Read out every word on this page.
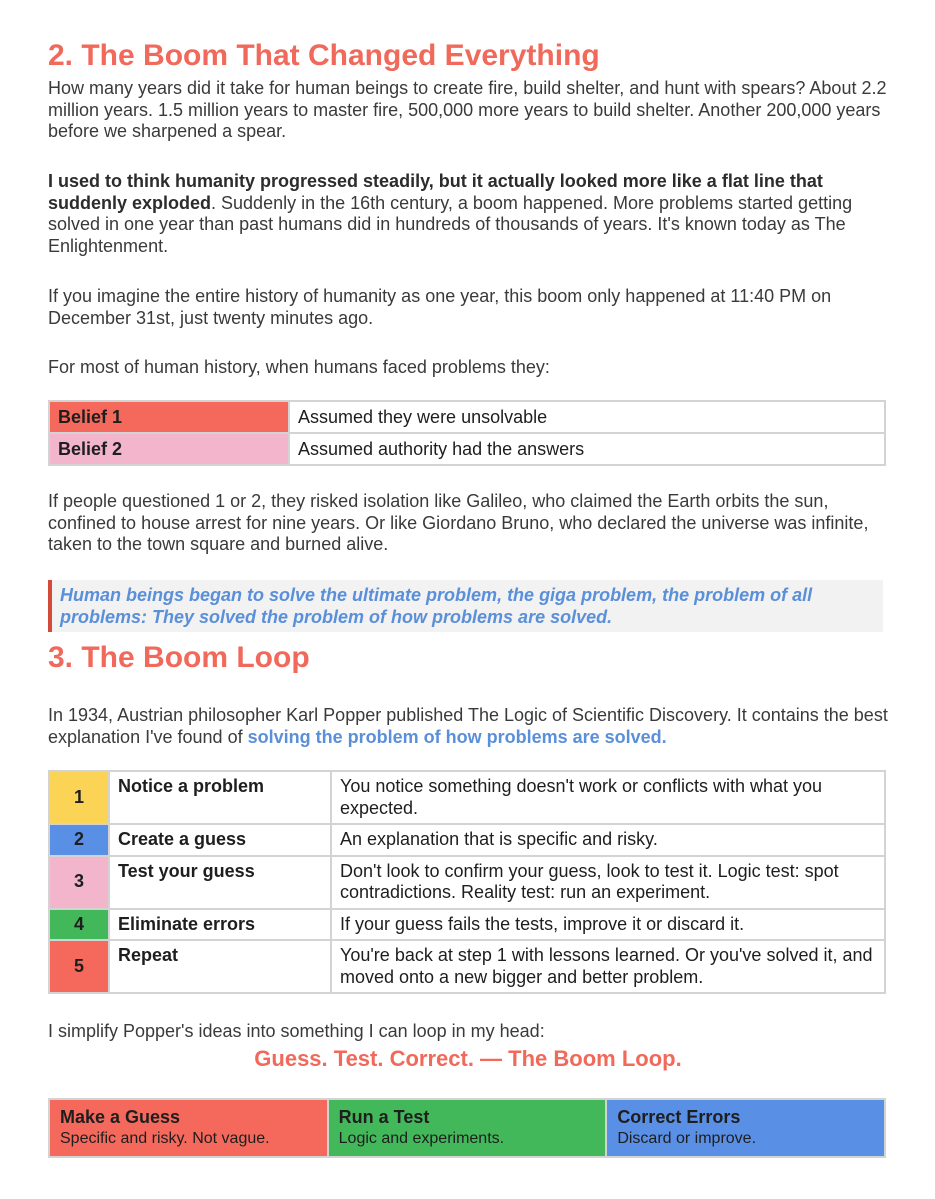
2. The Boom That Changed Everything

How many years did it take for human beings to create fire, build shelter, and hunt with spears? About 2.2 million years. 1.5 million years to master fire, 500,000 more years to build shelter. Another 200,000 years before we sharpened a spear.

I used to think humanity progressed steadily, but it actually looked more like a flat line that suddenly exploded. Suddenly in the 16th century, a boom happened. More problems started getting solved in one year than past humans did in hundreds of thousands of years. It's known today as The Enlightenment.

If you imagine the entire history of humanity as one year, this boom only happened at 11:40 PM on December 31st, just twenty minutes ago.

For most of human history, when humans faced problems they:

Belief 1	Assumed they were unsolvable
Belief 2	Assumed authority had the answers

If people questioned 1 or 2, they risked isolation like Galileo, who claimed the Earth orbits the sun, confined to house arrest for nine years. Or like Giordano Bruno, who declared the universe was infinite, taken to the town square and burned alive.

Human beings began to solve the ultimate problem, the giga problem, the problem of all problems: They solved the problem of how problems are solved.
3. The Boom Loop

In 1934, Austrian philosopher Karl Popper published The Logic of Scientific Discovery. It contains the best explanation I've found of solving the problem of how problems are solved.

1	Notice a problem	You notice something doesn't work or conflicts with what you expected.
2	Create a guess	An explanation that is specific and risky.
3	Test your guess	Don't look to confirm your guess, look to test it. Logic test: spot contradictions. Reality test: run an experiment.
4	Eliminate errors	If your guess fails the tests, improve it or discard it.
5	Repeat	You're back at step 1 with lessons learned. Or you've solved it, and moved onto a new bigger and better problem.

I simplify Popper's ideas into something I can loop in my head:

Guess. Test. Correct. — The Boom Loop.
Make a Guess
Specific and risky. Not vague.

Run a Test
Logic and experiments.

Correct Errors
Discard or improve.
